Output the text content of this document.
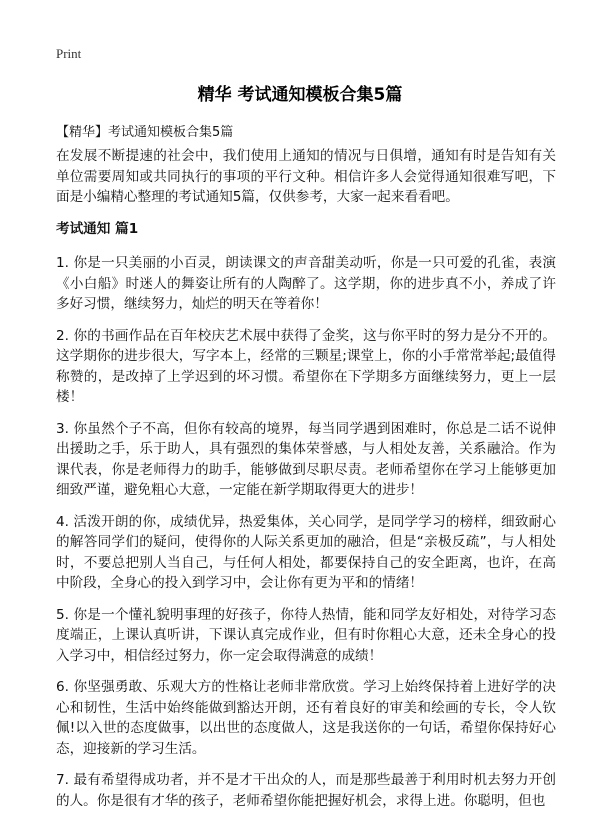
Print
精华 考试通知模板合集5篇
【精华】考试通知模板合集5篇

在发展不断提速的社会中，我们使用上通知的情况与日俱增，通知有时是告知有关单位需要周知或共同执行的事项的平行文种。相信许多人会觉得通知很难写吧，下面是小编精心整理的考试通知5篇，仅供参考，大家一起来看看吧。

考试通知 篇1

1. 你是一只美丽的小百灵，朗读课文的声音甜美动听，你是一只可爱的孔雀，表演《小白船》时迷人的舞姿让所有的人陶醉了。这学期，你的进步真不小，养成了许多好习惯，继续努力，灿烂的明天在等着你！

2. 你的书画作品在百年校庆艺术展中获得了金奖，这与你平时的努力是分不开的。这学期你的进步很大，写字本上，经常的三颗星;课堂上，你的小手常常举起;最值得称赞的，是改掉了上学迟到的坏习惯。希望你在下学期多方面继续努力，更上一层楼！

3. 你虽然个子不高，但你有较高的境界，每当同学遇到困难时，你总是二话不说伸出援助之手，乐于助人，具有强烈的集体荣誉感，与人相处友善，关系融洽。作为课代表，你是老师得力的助手，能够做到尽职尽责。老师希望你在学习上能够更加细致严谨，避免粗心大意，一定能在新学期取得更大的进步！

4. 活泼开朗的你，成绩优异，热爱集体，关心同学，是同学学习的榜样，细致耐心的解答同学们的疑问，使得你的人际关系更加的融洽，但是“亲极反疏”，与人相处时，不要总把别人当自己，与任何人相处，都要保持自己的安全距离，也许，在高中阶段，全身心的投入到学习中，会让你有更为平和的情绪！

5. 你是一个懂礼貌明事理的好孩子，你待人热情，能和同学友好相处，对待学习态度端正，上课认真听讲，下课认真完成作业，但有时你粗心大意，还未全身心的投入学习中，相信经过努力，你一定会取得满意的成绩！

6. 你坚强勇敢、乐观大方的性格让老师非常欣赏。学习上始终保持着上进好学的决心和韧性，生活中始终能做到豁达开朗，还有着良好的审美和绘画的专长，令人钦佩!以入世的态度做事，以出世的态度做人，这是我送你的一句话，希望你保持好心态，迎接新的学习生活。

7. 最有希望得成功者，并不是才干出众的人，而是那些最善于利用时机去努力开创的人。你是很有才华的孩子，老师希望你能把握好机会，求得上进。你聪明，但也
